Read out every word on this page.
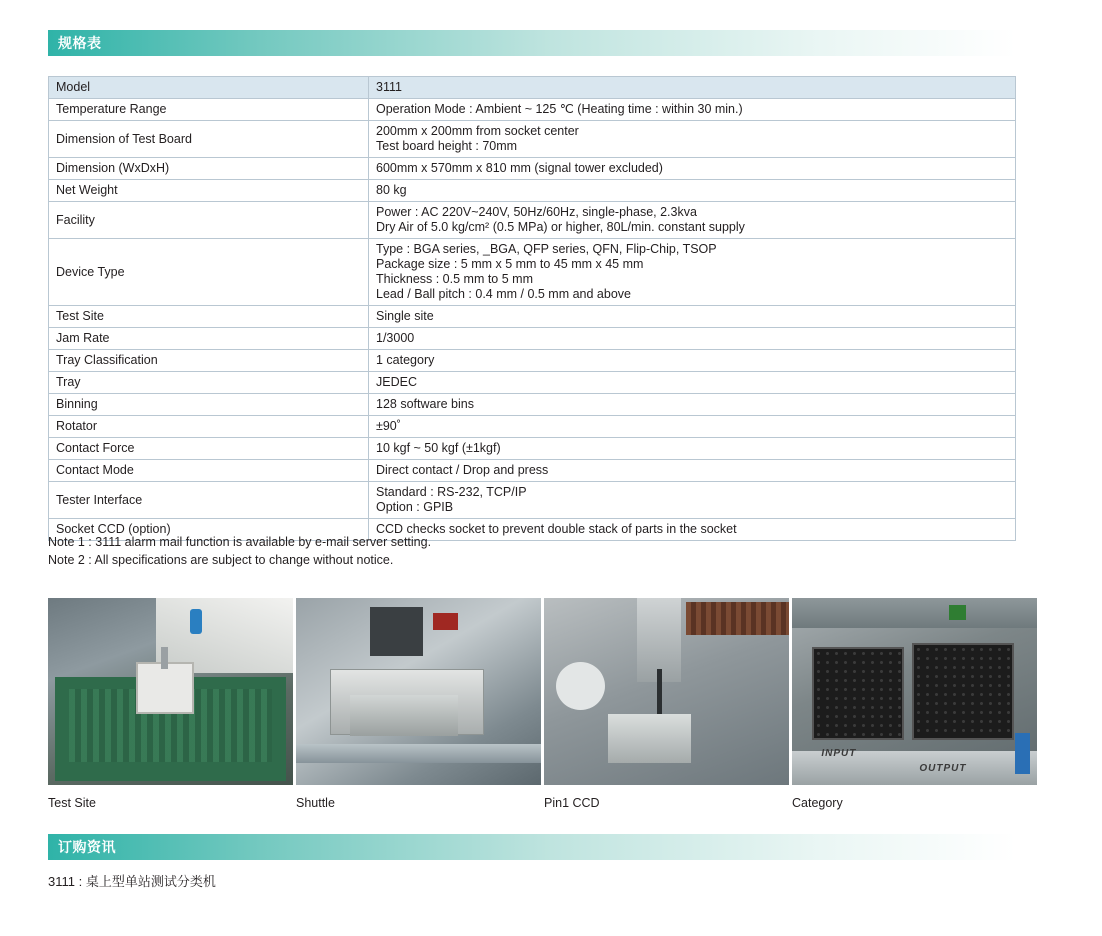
规格表
Model	3111

Temperature Range	Operation Mode : Ambient ~ 125 ℃ (Heating time : within 30 min.)

Dimension of Test Board	200mm x 200mm from socket center
Test board height : 70mm

Dimension (WxDxH)	600mm x 570mm x 810 mm (signal tower excluded)

Net Weight	80 kg

Facility	Power : AC 220V~240V, 50Hz/60Hz, single-phase, 2.3kva
Dry Air of 5.0 kg/cm² (0.5 MPa) or higher, 80L/min. constant supply

Device Type	Type : BGA series, _BGA, QFP series, QFN, Flip-Chip, TSOP
Package size : 5 mm x 5 mm to 45 mm x 45 mm
Thickness : 0.5 mm to 5 mm
Lead / Ball pitch : 0.4 mm / 0.5 mm and above

Test Site	Single site

Jam Rate	1/3000

Tray Classification	1 category

Tray	JEDEC

Binning	128 software bins

Rotator	±90˚

Contact Force	10 kgf ~ 50 kgf (±1kgf)

Contact Mode	Direct contact / Drop and press

Tester Interface	Standard : RS-232, TCP/IP
Option : GPIB

Socket CCD (option)	CCD checks socket to prevent double stack of parts in the socket
Note 1 : 3111 alarm mail function is available by e-mail server setting.
Note 2 : All specifications are subject to change without notice.
Test Site	Shuttle	Pin1 CCD
INPUT
OUTPUT
Category
订购资讯
3111 : 桌上型单站测试分类机
